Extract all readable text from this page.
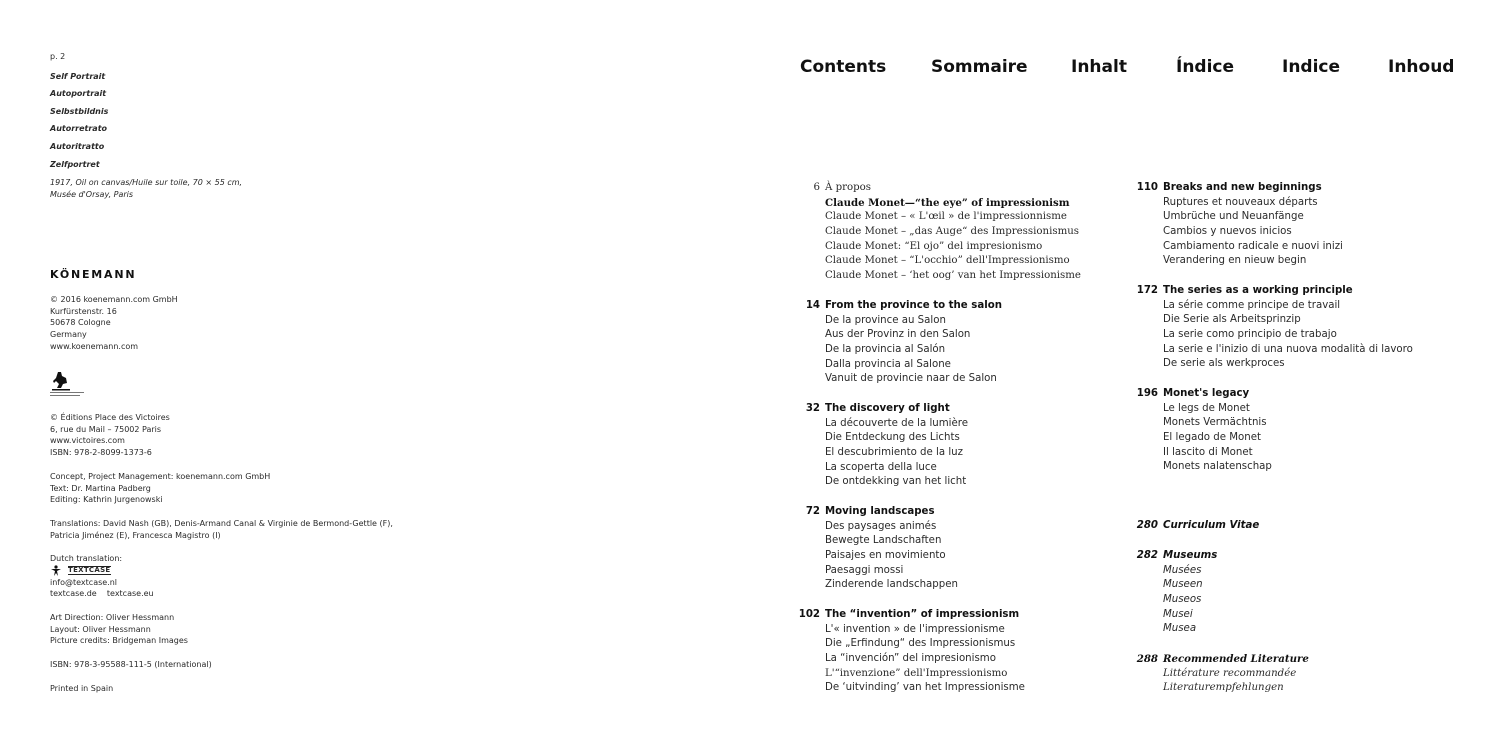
p. 2
Self Portrait
Autoportrait
Selbstbildnis
Autorretrato
Autoritratto
Zelfportret
1917, Oil on canvas/Huile sur toile, 70 × 55 cm,
Musée d'Orsay, Paris
KÖNEMANN
© 2016 koenemann.com GmbH
Kurfürstenstr. 16
50678 Cologne
Germany
www.koenemann.com
© Éditions Place des Victoires
6, rue du Mail – 75002 Paris
www.victoires.com
ISBN: 978-2-8099-1373-6
Concept, Project Management: koenemann.com GmbH
Text: Dr. Martina Padberg
Editing: Kathrin Jurgenowski
Translations: David Nash (GB), Denis-Armand Canal & Virginie de Bermond-Gettle (F),
Patricia Jiménez (E), Francesca Magistro (I)
Dutch translation:
TEXTCASE
info@textcase.nl
textcase.de    textcase.eu
Art Direction: Oliver Hessmann
Layout: Oliver Hessmann
Picture credits: Bridgeman Images
ISBN: 978-3-95588-111-5 (International)
Printed in Spain
Contents	Sommaire	Inhalt	Índice	Indice	Inhoud
6 À propos
Claude Monet—“the eye” of impressionism
Claude Monet – « L'œil » de l'impressionnisme
Claude Monet – „das Auge“ des Impressionismus
Claude Monet: “El ojo” del impresionismo
Claude Monet – “L'occhio” dell'Impressionismo
Claude Monet – ‘het oog’ van het Impressionisme
14 From the province to the salon
De la province au Salon
Aus der Provinz in den Salon
De la provincia al Salón
Dalla provincia al Salone
Vanuit de provincie naar de Salon
32 The discovery of light
La découverte de la lumière
Die Entdeckung des Lichts
El descubrimiento de la luz
La scoperta della luce
De ontdekking van het licht
72 Moving landscapes
Des paysages animés
Bewegte Landschaften
Paisajes en movimiento
Paesaggi mossi
Zinderende landschappen
102 The “invention” of impressionism
L'« invention » de l'impressionisme
Die „Erfindung“ des Impressionismus
La “invención” del impresionismo
L'“invenzione” dell'Impressionismo
De ‘uitvinding’ van het Impressionisme
110 Breaks and new beginnings
Ruptures et nouveaux départs
Umbrüche und Neuanfänge
Cambios y nuevos inicios
Cambiamento radicale e nuovi inizi
Verandering en nieuw begin
172 The series as a working principle
La série comme principe de travail
Die Serie als Arbeitsprinzip
La serie como principio de trabajo
La serie e l'inizio di una nuova modalità di lavoro
De serie als werkproces
196 Monet's legacy
Le legs de Monet
Monets Vermächtnis
El legado de Monet
Il lascito di Monet
Monets nalatenschap
280 Curriculum Vitae
282 Museums
Musées
Museen
Museos
Musei
Musea
288 Recommended Literature
Littérature recommandée
Literaturempfehlungen
